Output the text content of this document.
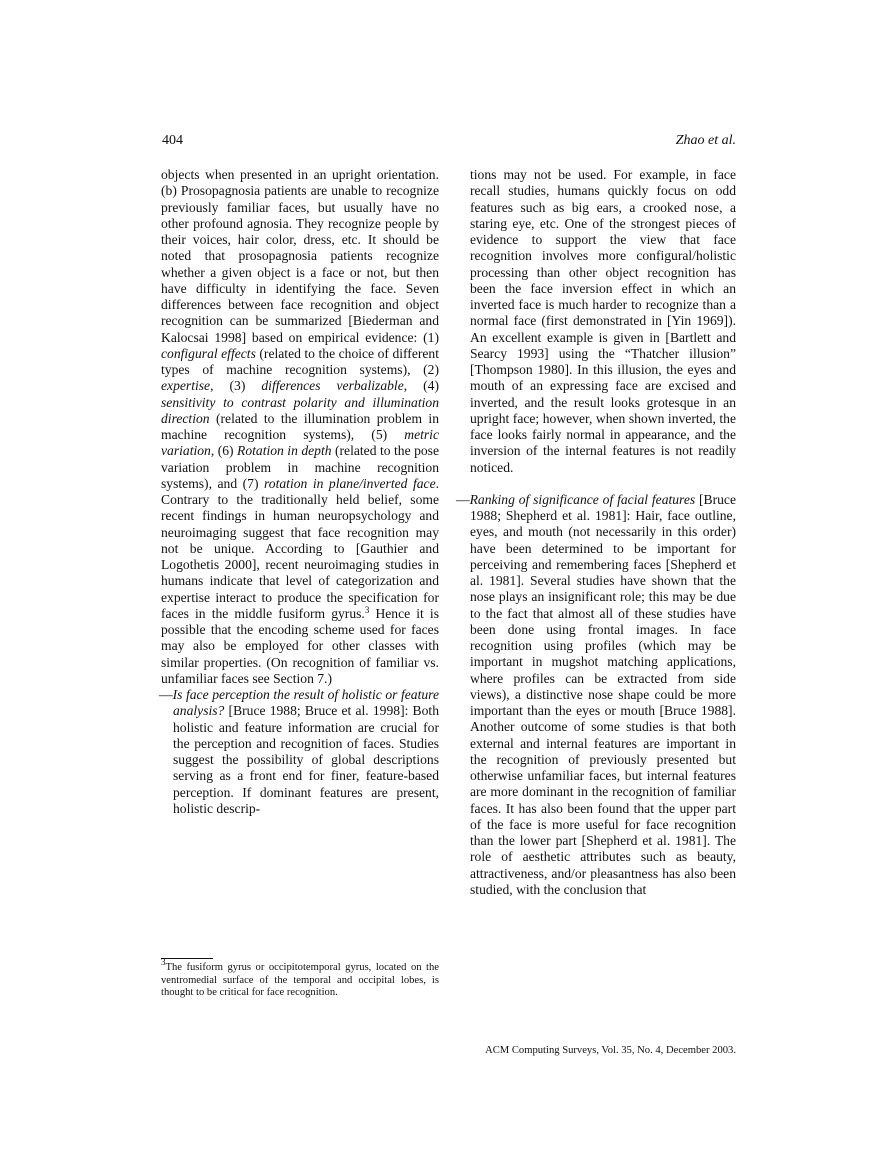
404	Zhao et al.

objects when presented in an upright orientation. (b) Prosopagnosia patients are unable to recognize previously familiar faces, but usually have no other profound agnosia. They recognize people by their voices, hair color, dress, etc. It should be noted that prosopagnosia patients recognize whether a given object is a face or not, but then have difficulty in identifying the face. Seven differences between face recognition and object recognition can be summarized [Biederman and Kalocsai 1998] based on empirical evidence: (1) configural effects (related to the choice of different types of machine recognition systems), (2) expertise, (3) differences verbalizable, (4) sensitivity to contrast polarity and illumination direction (related to the illumination problem in machine recognition systems), (5) metric variation, (6) Rotation in depth (related to the pose variation problem in machine recognition systems), and (7) rotation in plane/inverted face. Contrary to the traditionally held belief, some recent findings in human neuropsychology and neuroimaging suggest that face recognition may not be unique. According to [Gauthier and Logothetis 2000], recent neuroimaging studies in humans indicate that level of categorization and expertise interact to produce the specification for faces in the middle fusiform gyrus.$^3$ Hence it is possible that the encoding scheme used for faces may also be employed for other classes with similar properties. (On recognition of familiar vs. unfamiliar faces see Section 7.)

—Is face perception the result of holistic or feature analysis? [Bruce 1988; Bruce et al. 1998]: Both holistic and feature information are crucial for the perception and recognition of faces. Studies suggest the possibility of global descriptions serving as a front end for finer, feature-based perception. If dominant features are present, holistic descrip-

tions may not be used. For example, in face recall studies, humans quickly focus on odd features such as big ears, a crooked nose, a staring eye, etc. One of the strongest pieces of evidence to support the view that face recognition involves more configural/holistic processing than other object recognition has been the face inversion effect in which an inverted face is much harder to recognize than a normal face (first demonstrated in [Yin 1969]). An excellent example is given in [Bartlett and Searcy 1993] using the “Thatcher illusion” [Thompson 1980]. In this illusion, the eyes and mouth of an expressing face are excised and inverted, and the result looks grotesque in an upright face; however, when shown inverted, the face looks fairly normal in appearance, and the inversion of the internal features is not readily noticed.

—Ranking of significance of facial features [Bruce 1988; Shepherd et al. 1981]: Hair, face outline, eyes, and mouth (not necessarily in this order) have been determined to be important for perceiving and remembering faces [Shepherd et al. 1981]. Several studies have shown that the nose plays an insignificant role; this may be due to the fact that almost all of these studies have been done using frontal images. In face recognition using profiles (which may be important in mugshot matching applications, where profiles can be extracted from side views), a distinctive nose shape could be more important than the eyes or mouth [Bruce 1988]. Another outcome of some studies is that both external and internal features are important in the recognition of previously presented but otherwise unfamiliar faces, but internal features are more dominant in the recognition of familiar faces. It has also been found that the upper part of the face is more useful for face recognition than the lower part [Shepherd et al. 1981]. The role of aesthetic attributes such as beauty, attractiveness, and/or pleasantness has also been studied, with the conclusion that

$^3$The fusiform gyrus or occipitotemporal gyrus, located on the ventromedial surface of the temporal and occipital lobes, is thought to be critical for face recognition.
ACM Computing Surveys, Vol. 35, No. 4, December 2003.
